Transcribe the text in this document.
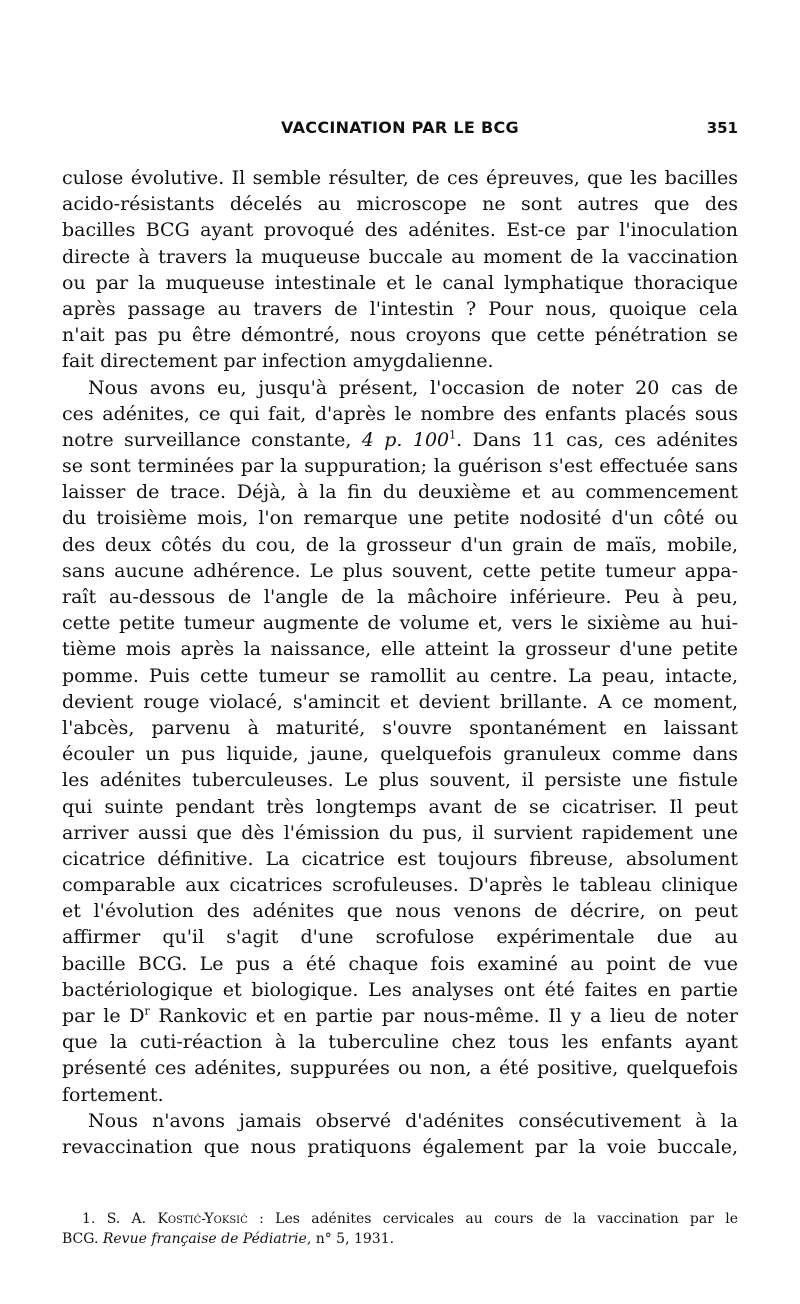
VACCINATION PAR LE BCG	351
culose évolutive. Il semble résulter, de ces épreuves, que les bacilles
acido-résistants décelés au microscope ne sont autres que des
bacilles BCG ayant provoqué des adénites. Est-ce par l'inoculation
directe à travers la muqueuse buccale au moment de la vaccination
ou par la muqueuse intestinale et le canal lymphatique thoracique
après passage au travers de l'intestin ? Pour nous, quoique cela
n'ait pas pu être démontré, nous croyons que cette pénétration se
fait directement par infection amygdalienne.
Nous avons eu, jusqu'à présent, l'occasion de noter 20 cas de
ces adénites, ce qui fait, d'après le nombre des enfants placés sous
notre surveillance constante, 4 p. $100^1$. Dans 11 cas, ces adénites
se sont terminées par la suppuration; la guérison s'est effectuée sans
laisser de trace. Déjà, à la fin du deuxième et au commencement
du troisième mois, l'on remarque une petite nodosité d'un côté ou
des deux côtés du cou, de la grosseur d'un grain de maïs, mobile,
sans aucune adhérence. Le plus souvent, cette petite tumeur appa-
raît au-dessous de l'angle de la mâchoire inférieure. Peu à peu,
cette petite tumeur augmente de volume et, vers le sixième au hui-
tième mois après la naissance, elle atteint la grosseur d'une petite
pomme. Puis cette tumeur se ramollit au centre. La peau, intacte,
devient rouge violacé, s'amincit et devient brillante. A ce moment,
l'abcès, parvenu à maturité, s'ouvre spontanément en laissant
écouler un pus liquide, jaune, quelquefois granuleux comme dans
les adénites tuberculeuses. Le plus souvent, il persiste une fistule
qui suinte pendant très longtemps avant de se cicatriser. Il peut
arriver aussi que dès l'émission du pus, il survient rapidement une
cicatrice définitive. La cicatrice est toujours fibreuse, absolument
comparable aux cicatrices scrofuleuses. D'après le tableau clinique
et l'évolution des adénites que nous venons de décrire, on peut
affirmer qu'il s'agit d'une scrofulose expérimentale due au
bacille BCG. Le pus a été chaque fois examiné au point de vue
bactériologique et biologique. Les analyses ont été faites en partie
par le $D^r$ Rankovic et en partie par nous-même. Il y a lieu de noter
que la cuti-réaction à la tuberculine chez tous les enfants ayant
présenté ces adénites, suppurées ou non, a été positive, quelquefois
fortement.
Nous n'avons jamais observé d'adénites consécutivement à la
revaccination que nous pratiquons également par la voie buccale,
1. S. A. Kostić-Yoksić : Les adénites cervicales au cours de la vaccination par le
BCG. Revue française de Pédiatrie, n° 5, 1931.
